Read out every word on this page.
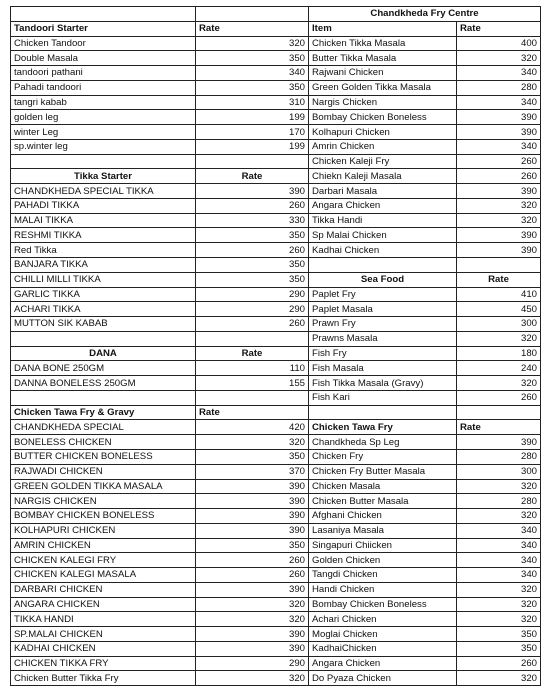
		Chandkheda Fry Centre	
Tandoori Starter	Rate	Item	Rate
Chicken Tandoor	320	Chicken Tikka Masala	400
Double Masala	350	Butter Tikka Masala	320
tandoori pathani	340	Rajwani Chicken	340
Pahadi tandoori	350	Green Golden Tikka Masala	280
tangri kabab	310	Nargis Chicken	340
golden leg	199	Bombay Chicken Boneless	390
winter Leg	170	Kolhapuri Chicken	390
sp.winter leg	199	Amrin Chicken	340
		Chicken Kaleji Fry	260
Tikka Starter	Rate	Chiekn Kaleji Masala	260
CHANDKHEDA SPECIAL TIKKA	390	Darbari Masala	390
PAHADI TIKKA	260	Angara Chicken	320
MALAI TIKKA	330	Tikka Handi	320
RESHMI TIKKA	350	Sp Malai Chicken	390
Red Tikka	260	Kadhai Chicken	390
BANJARA TIKKA	350		
CHILLI MILLI TIKKA	350	Sea Food	Rate
GARLIC TIKKA	290	Paplet Fry	410
ACHARI TIKKA	290	Paplet Masala	450
MUTTON SIK KABAB	260	Prawn Fry	300
		Prawns Masala	320
DANA	Rate	Fish Fry	180
DANA BONE 250GM	110	Fish Masala	240
DANNA BONELESS 250GM	155	Fish Tikka Masala (Gravy)	320
		Fish Kari	260
Chicken Tawa Fry & Gravy	Rate		
CHANDKHEDA SPECIAL	420	Chicken Tawa Fry	Rate
BONELESS CHICKEN	320	Chandkheda Sp Leg	390
BUTTER CHICKEN BONELESS	350	Chicken Fry	280
RAJWADI CHICKEN	370	Chicken Fry Butter Masala	300
GREEN GOLDEN TIKKA MASALA	390	Chicken Masala	320
NARGIS CHICKEN	390	Chicken Butter Masala	280
BOMBAY CHICKEN BONELESS	390	Afghani Chicken	320
KOLHAPURI CHICKEN	390	Lasaniya Masala	340
AMRIN CHICKEN	350	Singapuri Chiicken	340
CHICKEN KALEGI FRY	260	Golden Chicken	340
CHICKEN KALEGI MASALA	260	Tangdi Chicken	340
DARBARI CHICKEN	390	Handi Chicken	320
ANGARA CHICKEN	320	Bombay Chicken Boneless	320
TIKKA HANDI	320	Achari Chicken	320
SP.MALAI CHICKEN	390	Moglai Chicken	350
KADHAI CHICKEN	390	KadhaiChicken	350
CHICKEN TIKKA FRY	290	Angara Chicken	260
Chicken Butter Tikka Fry	320	Do Pyaza Chicken	320
